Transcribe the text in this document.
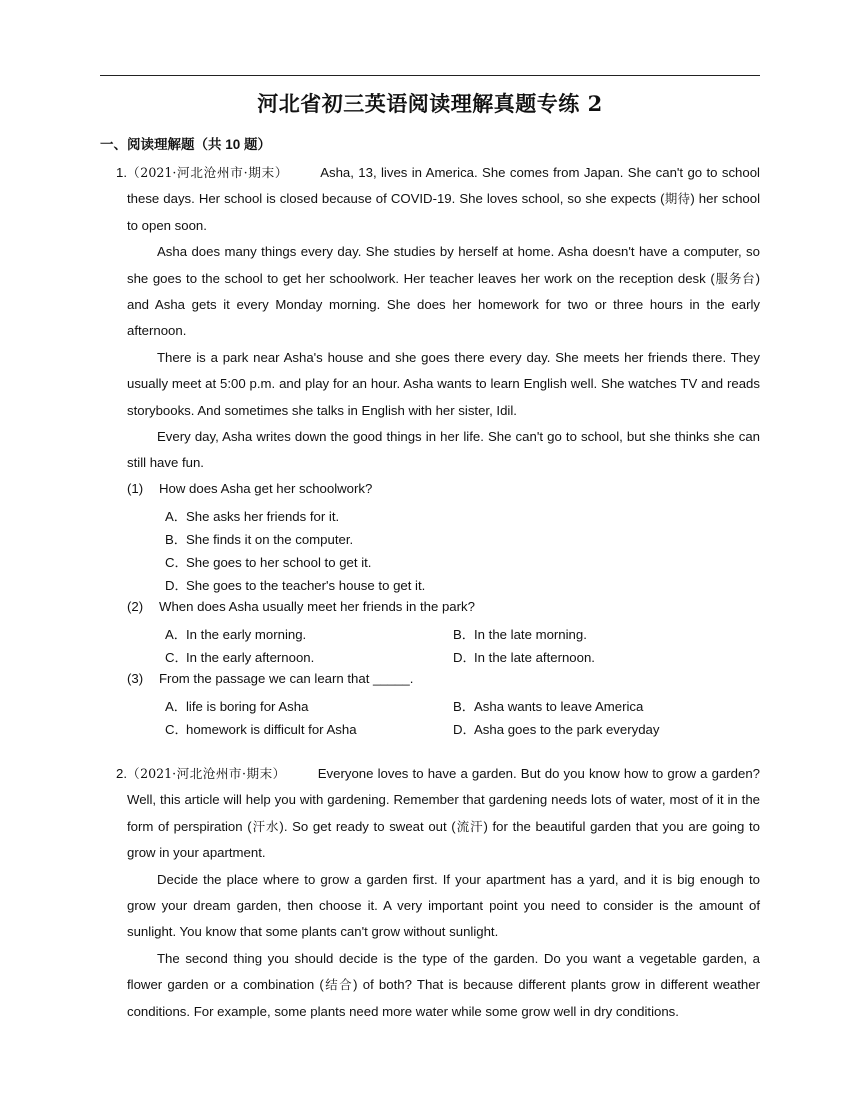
河北省初三英语阅读理解真题专练 2
一、阅读理解题（共 10 题）
1. （2021·河北沧州市·期末） Asha, 13, lives in America. She comes from Japan. She can't go to school these days. Her school is closed because of COVID-19. She loves school, so she expects (期待) her school to open soon.

Asha does many things every day. She studies by herself at home. Asha doesn't have a computer, so she goes to the school to get her schoolwork. Her teacher leaves her work on the reception desk (服务台) and Asha gets it every Monday morning. She does her homework for two or three hours in the early afternoon.

There is a park near Asha's house and she goes there every day. She meets her friends there. They usually meet at 5:00 p.m. and play for an hour. Asha wants to learn English well. She watches TV and reads storybooks. And sometimes she talks in English with her sister, Idil.

Every day, Asha writes down the good things in her life. She can't go to school, but she thinks she can still have fun.

(1)	How does Asha get her schoolwork?
A．She asks her friends for it.
B．She finds it on the computer.
C．She goes to her school to get it.
D．She goes to the teacher's house to get it.
(2)	When does Asha usually meet her friends in the park?
A．In the early morning.	B．In the late morning.
C．In the early afternoon.	D．In the late afternoon.
(3)	From the passage we can learn that _____.
A．life is boring for Asha	B．Asha wants to leave America
C．homework is difficult for Asha	D．Asha goes to the park everyday
2. （2021·河北沧州市·期末） Everyone loves to have a garden. But do you know how to grow a garden? Well, this article will help you with gardening. Remember that gardening needs lots of water, most of it in the form of perspiration (汗水). So get ready to sweat out (流汗) for the beautiful garden that you are going to grow in your apartment.

Decide the place where to grow a garden first. If your apartment has a yard, and it is big enough to grow your dream garden, then choose it. A very important point you need to consider is the amount of sunlight. You know that some plants can't grow without sunlight.

The second thing you should decide is the type of the garden. Do you want a vegetable garden, a flower garden or a combination (结合) of both? That is because different plants grow in different weather conditions. For example, some plants need more water while some grow well in dry conditions.
